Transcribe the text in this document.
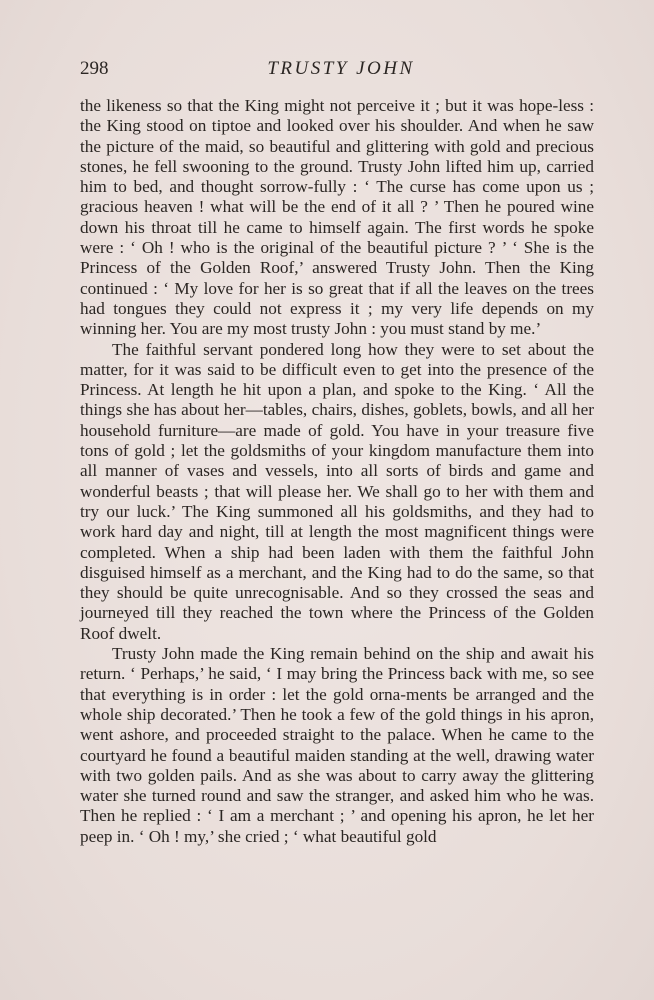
298	TRUSTY JOHN

the likeness so that the King might not perceive it ; but it was hope-less : the King stood on tiptoe and looked over his shoulder. And when he saw the picture of the maid, so beautiful and glittering with gold and precious stones, he fell swooning to the ground. Trusty John lifted him up, carried him to bed, and thought sorrow-fully : ‘ The curse has come upon us ; gracious heaven ! what will be the end of it all ? ’ Then he poured wine down his throat till he came to himself again. The first words he spoke were : ‘ Oh ! who is the original of the beautiful picture ? ’ ‘ She is the Princess of the Golden Roof,’ answered Trusty John. Then the King continued : ‘ My love for her is so great that if all the leaves on the trees had tongues they could not express it ; my very life depends on my winning her. You are my most trusty John : you must stand by me.’

The faithful servant pondered long how they were to set about the matter, for it was said to be difficult even to get into the presence of the Princess. At length he hit upon a plan, and spoke to the King. ‘ All the things she has about her—tables, chairs, dishes, goblets, bowls, and all her household furniture—are made of gold. You have in your treasure five tons of gold ; let the goldsmiths of your kingdom manufacture them into all manner of vases and vessels, into all sorts of birds and game and wonderful beasts ; that will please her. We shall go to her with them and try our luck.’ The King summoned all his goldsmiths, and they had to work hard day and night, till at length the most magnificent things were completed. When a ship had been laden with them the faithful John disguised himself as a merchant, and the King had to do the same, so that they should be quite unrecognisable. And so they crossed the seas and journeyed till they reached the town where the Princess of the Golden Roof dwelt.

Trusty John made the King remain behind on the ship and await his return. ‘ Perhaps,’ he said, ‘ I may bring the Princess back with me, so see that everything is in order : let the gold orna-ments be arranged and the whole ship decorated.’ Then he took a few of the gold things in his apron, went ashore, and proceeded straight to the palace. When he came to the courtyard he found a beautiful maiden standing at the well, drawing water with two golden pails. And as she was about to carry away the glittering water she turned round and saw the stranger, and asked him who he was. Then he replied : ‘ I am a merchant ; ’ and opening his apron, he let her peep in. ‘ Oh ! my,’ she cried ; ‘ what beautiful gold
